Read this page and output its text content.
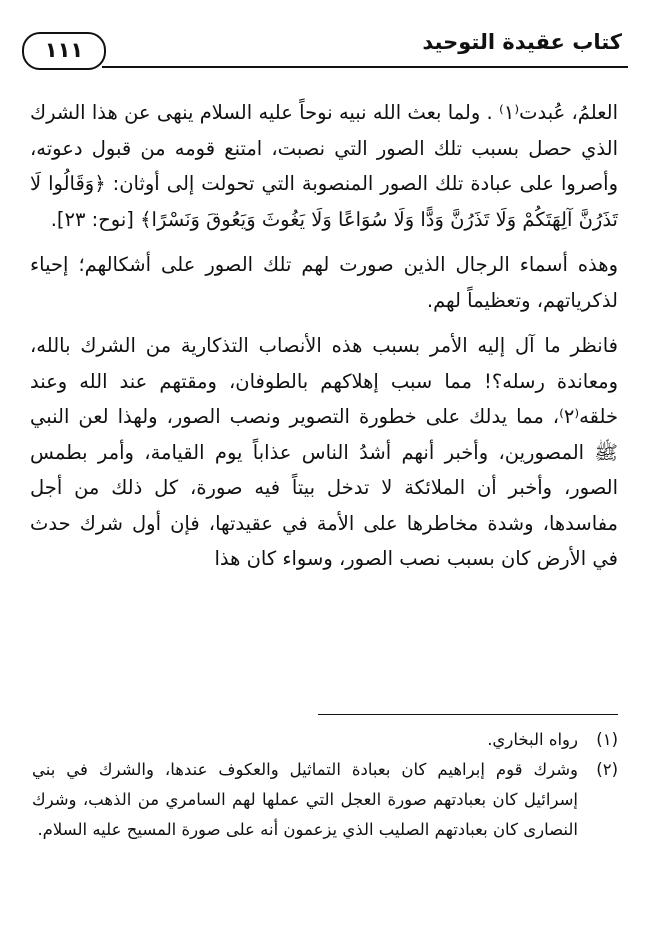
كتاب عقيدة التوحيد
١١١

العلمُ، عُبدت⁽١⁾ . ولما بعث الله نبيه نوحاً عليه السلام ينهى عن هذا الشرك الذي حصل بسبب تلك الصور التي نصبت، امتنع قومه من قبول دعوته، وأصروا على عبادة تلك الصور المنصوبة التي تحولت إلى أوثان: ﴿وَقَالُوا لَا تَذَرُنَّ آلِهَتَكُمْ وَلَا تَذَرُنَّ وَدًّا وَلَا سُوَاعًا وَلَا يَغُوثَ وَيَعُوقَ وَنَسْرًا﴾ [نوح: ٢٣].

وهذه أسماء الرجال الذين صورت لهم تلك الصور على أشكالهم؛ إحياء لذكرياتهم، وتعظيماً لهم.

فانظر ما آل إليه الأمر بسبب هذه الأنصاب التذكارية من الشرك بالله، ومعاندة رسله؟! مما سبب إهلاكهم بالطوفان، ومقتهم عند الله وعند خلقه⁽٢⁾، مما يدلك على خطورة التصوير ونصب الصور، ولهذا لعن النبي ﷺ المصورين، وأخبر أنهم أشدُ الناس عذاباً يوم القيامة، وأمر بطمس الصور، وأخبر أن الملائكة لا تدخل بيتاً فيه صورة، كل ذلك من أجل مفاسدها، وشدة مخاطرها على الأمة في عقيدتها، فإن أول شرك حدث في الأرض كان بسبب نصب الصور، وسواء كان هذا

(١)
رواه البخاري.
(٢)
وشرك قوم إبراهيم كان بعبادة التماثيل والعكوف عندها، والشرك في بني إسرائيل كان بعبادتهم صورة العجل التي عملها لهم السامري من الذهب، وشرك النصارى كان بعبادتهم الصليب الذي يزعمون أنه على صورة المسيح عليه السلام.
